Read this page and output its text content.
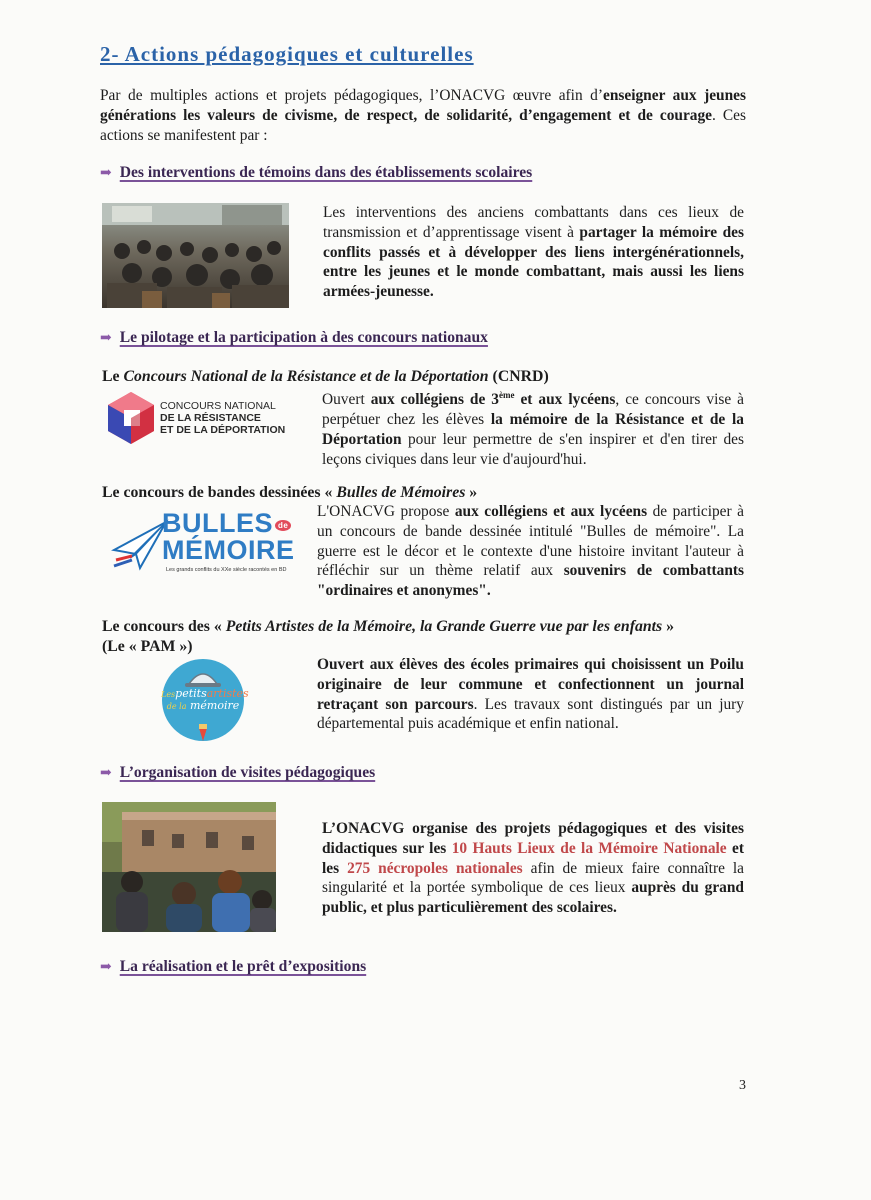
2- Actions pédagogiques et culturelles
Par de multiples actions et projets pédagogiques, l’ONACVG œuvre afin d’enseigner aux jeunes générations les valeurs de civisme, de respect, de solidarité, d’engagement et de courage. Ces actions se manifestent par :
➡ Des interventions de témoins dans des établissements scolaires
Les interventions des anciens combattants dans ces lieux de transmission et d’apprentissage visent à partager la mémoire des conflits passés et à développer des liens intergénérationnels, entre les jeunes et le monde combattant, mais aussi les liens armées-jeunesse.
➡ Le pilotage et la participation à des concours nationaux
Le Concours National de la Résistance et de la Déportation (CNRD)
CONCOURS NATIONAL
DE LA RÉSISTANCE
ET DE LA DÉPORTATION
Ouvert aux collégiens de 3ème et aux lycéens, ce concours vise à perpétuer chez les élèves la mémoire de la Résistance et de la Déportation pour leur permettre de s'en inspirer et d'en tirer des leçons civiques dans leur vie d'aujourd'hui.
Le concours de bandes dessinées « Bulles de Mémoires »
BULLES de
MÉMOIRE
Les grands conflits du XXe siècle racontés en BD
L'ONACVG propose aux collégiens et aux lycéens de participer à un concours de bande dessinée intitulé "Bulles de mémoire". La guerre est le décor et le contexte d'une histoire invitant l'auteur à réfléchir sur un thème relatif aux souvenirs de combattants "ordinaires et anonymes".
Le concours des « Petits Artistes de la Mémoire, la Grande Guerre vue par les enfants »
(Le « PAM »)
Lespetitsartistes
de la mémoire
Ouvert aux élèves des écoles primaires qui choisissent un Poilu originaire de leur commune et confectionnent un journal retraçant son parcours. Les travaux sont distingués par un jury départemental puis académique et enfin national.
➡ L’organisation de visites pédagogiques
L’ONACVG organise des projets pédagogiques et des visites didactiques sur les 10 Hauts Lieux de la Mémoire Nationale et les 275 nécropoles nationales afin de mieux faire connaître la singularité et la portée symbolique de ces lieux auprès du grand public, et plus particulièrement des scolaires.
➡ La réalisation et le prêt d’expositions
3
